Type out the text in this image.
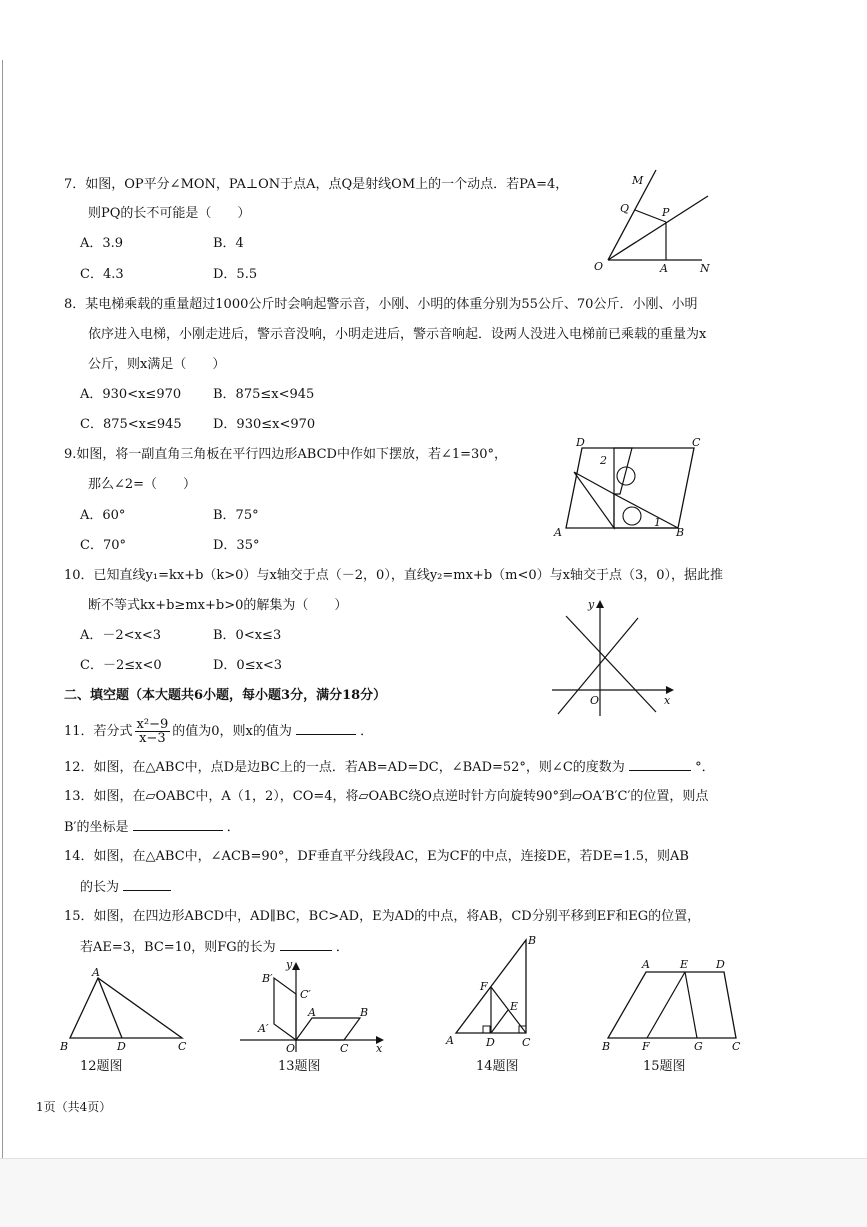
7．如图，OP平分∠MON，PA⊥ON于点A，点Q是射线OM上的一个动点．若PA=4，
则PQ的长不可能是（　　）
A．3.9	B．4
C．4.3	D．5.5
M
Q	P
O	A	N
8．某电梯乘载的重量超过1000公斤时会响起警示音，小刚、小明的体重分别为55公斤、70公斤．小刚、小明
依序进入电梯，小刚走进后，警示音没响，小明走进后，警示音响起．设两人没进入电梯前已乘载的重量为x
公斤，则x满足（　　）
A．930<x≤970 B．875≤x<945
C．875<x≤945 D．930≤x<970
9.如图，将一副直角三角板在平行四边形ABCD中作如下摆放，若∠1=30°，
那么∠2=（　　）
A．60°	B．75°
C．70°	D．35°
D	C
A	B
2
1
10．已知直线y₁=kx+b（k>0）与x轴交于点（－2，0），直线y₂=mx+b（m<0）与x轴交于点（3，0），据此推
断不等式kx+b≥mx+b>0的解集为（　　）
A．－2<x<3	B．0<x≤3
C．－2≤x<0	D．0≤x<3
y
O	x
二、填空题（本大题共6小题，每小题3分，满分18分）
11．若分式 $\frac{\text{x²−9}}{x-3}$ 的值为0，则x的值为	．
12．如图，在△ABC中，点D是边BC上的一点．若AB=AD=DC，∠BAD=52°，则∠C的度数为	°．
13．如图，在▱OABC中，A（1，2），CO=4，将▱OABC绕O点逆时针方向旋转90°到▱OA′B′C′的位置，则点
B′的坐标是	．
14．如图，在△ABC中，∠ACB=90°，DF垂直平分线段AC，E为CF的中点，连接DE，若DE=1.5，则AB
的长为
15．如图，在四边形ABCD中，AD∥BC，BC>AD，E为AD的中点，将AB，CD分别平移到EF和EG的位置，
若AE=3，BC=10，则FG的长为	．
A
B	D	C
12题图
y
B′
C′
A′
A	B
O	C	x
13题图
B
F
E
A	D C
14题图
A	E	D
B	F	G	C
15题图
1页（共4页）
